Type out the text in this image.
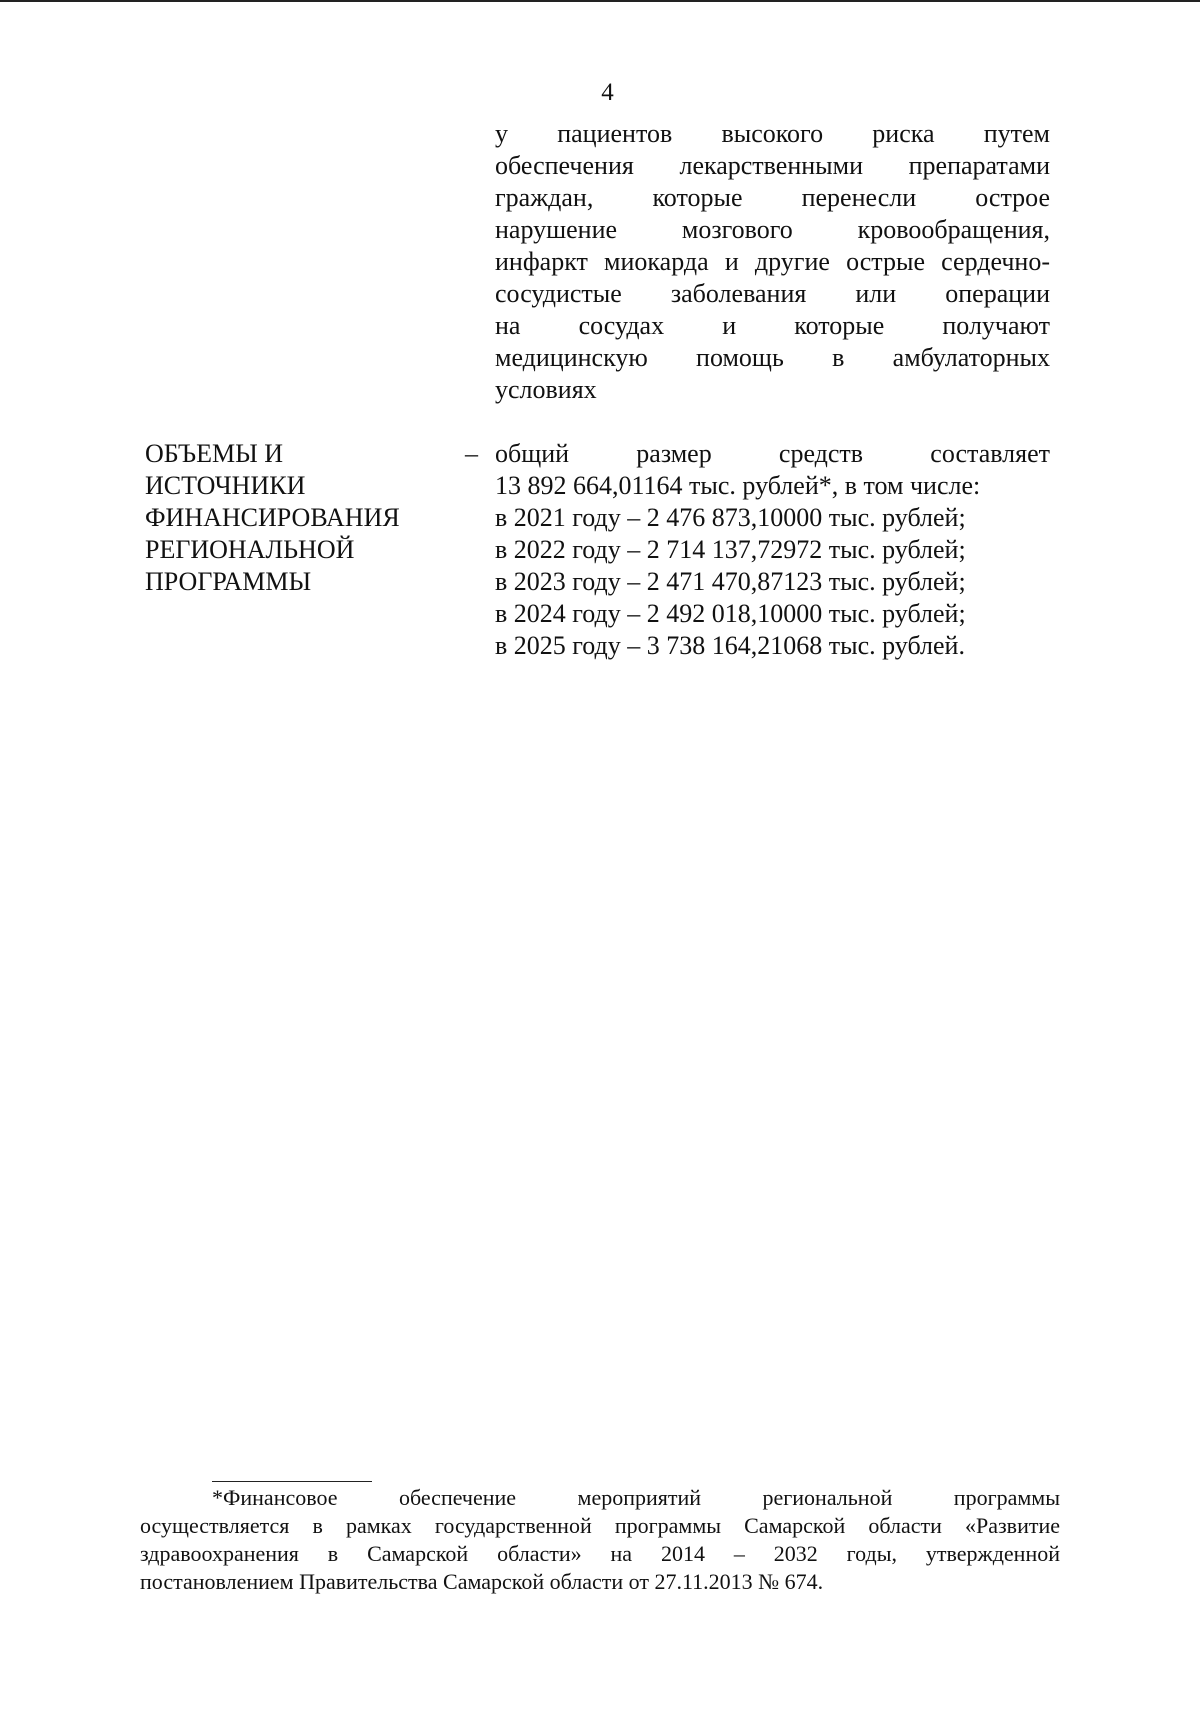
4
у пациентов высокого риска путем
обеспечения лекарственными препаратами
граждан, которые перенесли острое
нарушение мозгового кровообращения,
инфаркт миокарда и другие острые сердечно-
сосудистые заболевания или операции
на сосудах и которые получают
медицинскую помощь в амбулаторных
условиях
ОБЪЕМЫ И
ИСТОЧНИКИ
ФИНАНСИРОВАНИЯ
РЕГИОНАЛЬНОЙ
ПРОГРАММЫ
– общий размер средств составляет
13 892 664,01164 тыс. рублей*, в том числе:
в 2021 году – 2 476 873,10000 тыс. рублей;
в 2022 году – 2 714 137,72972 тыс. рублей;
в 2023 году – 2 471 470,87123 тыс. рублей;
в 2024 году – 2 492 018,10000 тыс. рублей;
в 2025 году – 3 738 164,21068 тыс. рублей.
*Финансовое обеспечение мероприятий региональной программы
осуществляется в рамках государственной программы Самарской области «Развитие
здравоохранения в Самарской области» на 2014 – 2032 годы, утвержденной
постановлением Правительства Самарской области от 27.11.2013 № 674.
